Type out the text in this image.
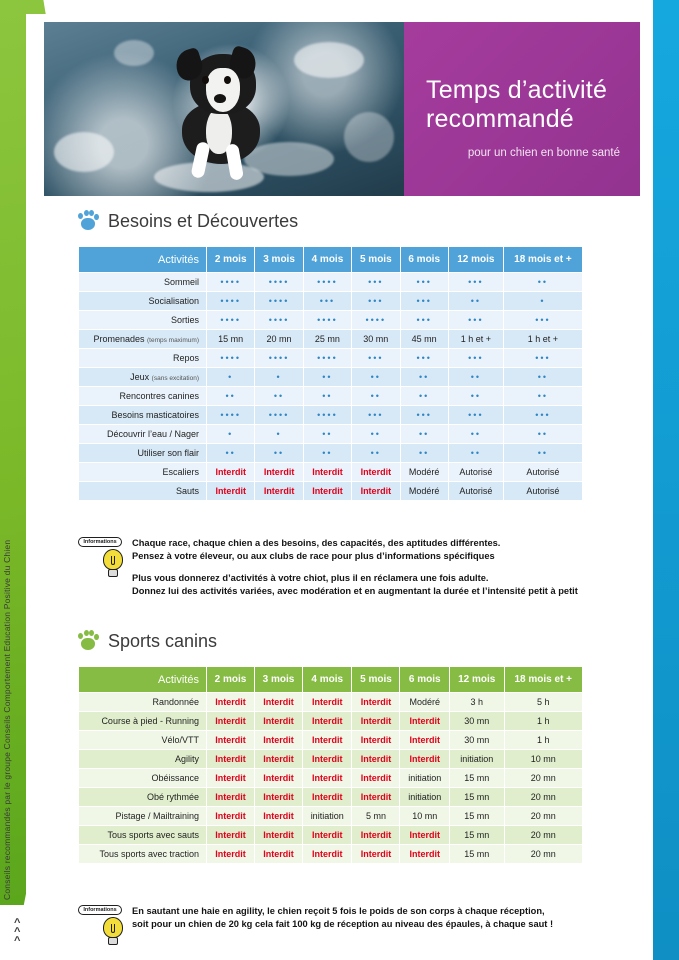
Conseils recommandés par le groupe Conseils Comportement Education Positive du Chien
^
^
^
Temps d’activité
recommandé
pour un chien en bonne santé
Besoins et Découvertes
Activités	2 mois	3 mois	4 mois	5 mois	6 mois	12 mois	18 mois et +
Sommeil	••••	••••	••••	•••	•••	•••	••
Socialisation	••••	••••	•••	•••	•••	••	•
Sorties	••••	••••	••••	••••	•••	•••	•••
Promenades (temps maximum)	15 mn	20 mn	25 mn	30 mn	45 mn	1 h et +	1 h et +
Repos	••••	••••	••••	•••	•••	•••	•••
Jeux (sans excitation)	•	•	••	••	••	••	••
Rencontres canines	••	••	••	••	••	••	••
Besoins masticatoires	••••	••••	••••	•••	•••	•••	•••
Découvrir l’eau / Nager	•	•	••	••	••	••	••
Utiliser son flair	••	••	••	••	••	••	••
Escaliers	Interdit	Interdit	Interdit	Interdit	Modéré	Autorisé	Autorisé
Sauts	Interdit	Interdit	Interdit	Interdit	Modéré	Autorisé	Autorisé
Informations	Chaque race, chaque chien a des besoins, des capacités, des aptitudes différentes.
Pensez à votre éleveur, ou aux clubs de race pour plus d’informations spécifiques

Plus vous donnerez d’activités à votre chiot, plus il en réclamera une fois adulte.
Donnez lui des activités variées, avec modération et en augmentant la durée et l’intensité petit à petit

Sports canins
Activités	2 mois	3 mois	4 mois	5 mois	6 mois	12 mois	18 mois et +
Randonnée	Interdit	Interdit	Interdit	Interdit	Modéré	3 h	5 h
Course à pied - Running	Interdit	Interdit	Interdit	Interdit	Interdit	30 mn	1 h
Vélo/VTT	Interdit	Interdit	Interdit	Interdit	Interdit	30 mn	1 h
Agility	Interdit	Interdit	Interdit	Interdit	Interdit	initiation	10 mn
Obéissance	Interdit	Interdit	Interdit	Interdit	initiation	15 mn	20 mn
Obé rythmée	Interdit	Interdit	Interdit	Interdit	initiation	15 mn	20 mn
Pistage / Mailtraining	Interdit	Interdit	initiation	5 mn	10 mn	15 mn	20 mn
Tous sports avec sauts	Interdit	Interdit	Interdit	Interdit	Interdit	15 mn	20 mn
Tous sports avec traction	Interdit	Interdit	Interdit	Interdit	Interdit	15 mn	20 mn
Informations	En sautant une haie en agility, le chien reçoit 5 fois le poids de son corps à chaque réception,
soit pour un chien de 20 kg cela fait 100 kg de réception au niveau des épaules, à chaque saut !
